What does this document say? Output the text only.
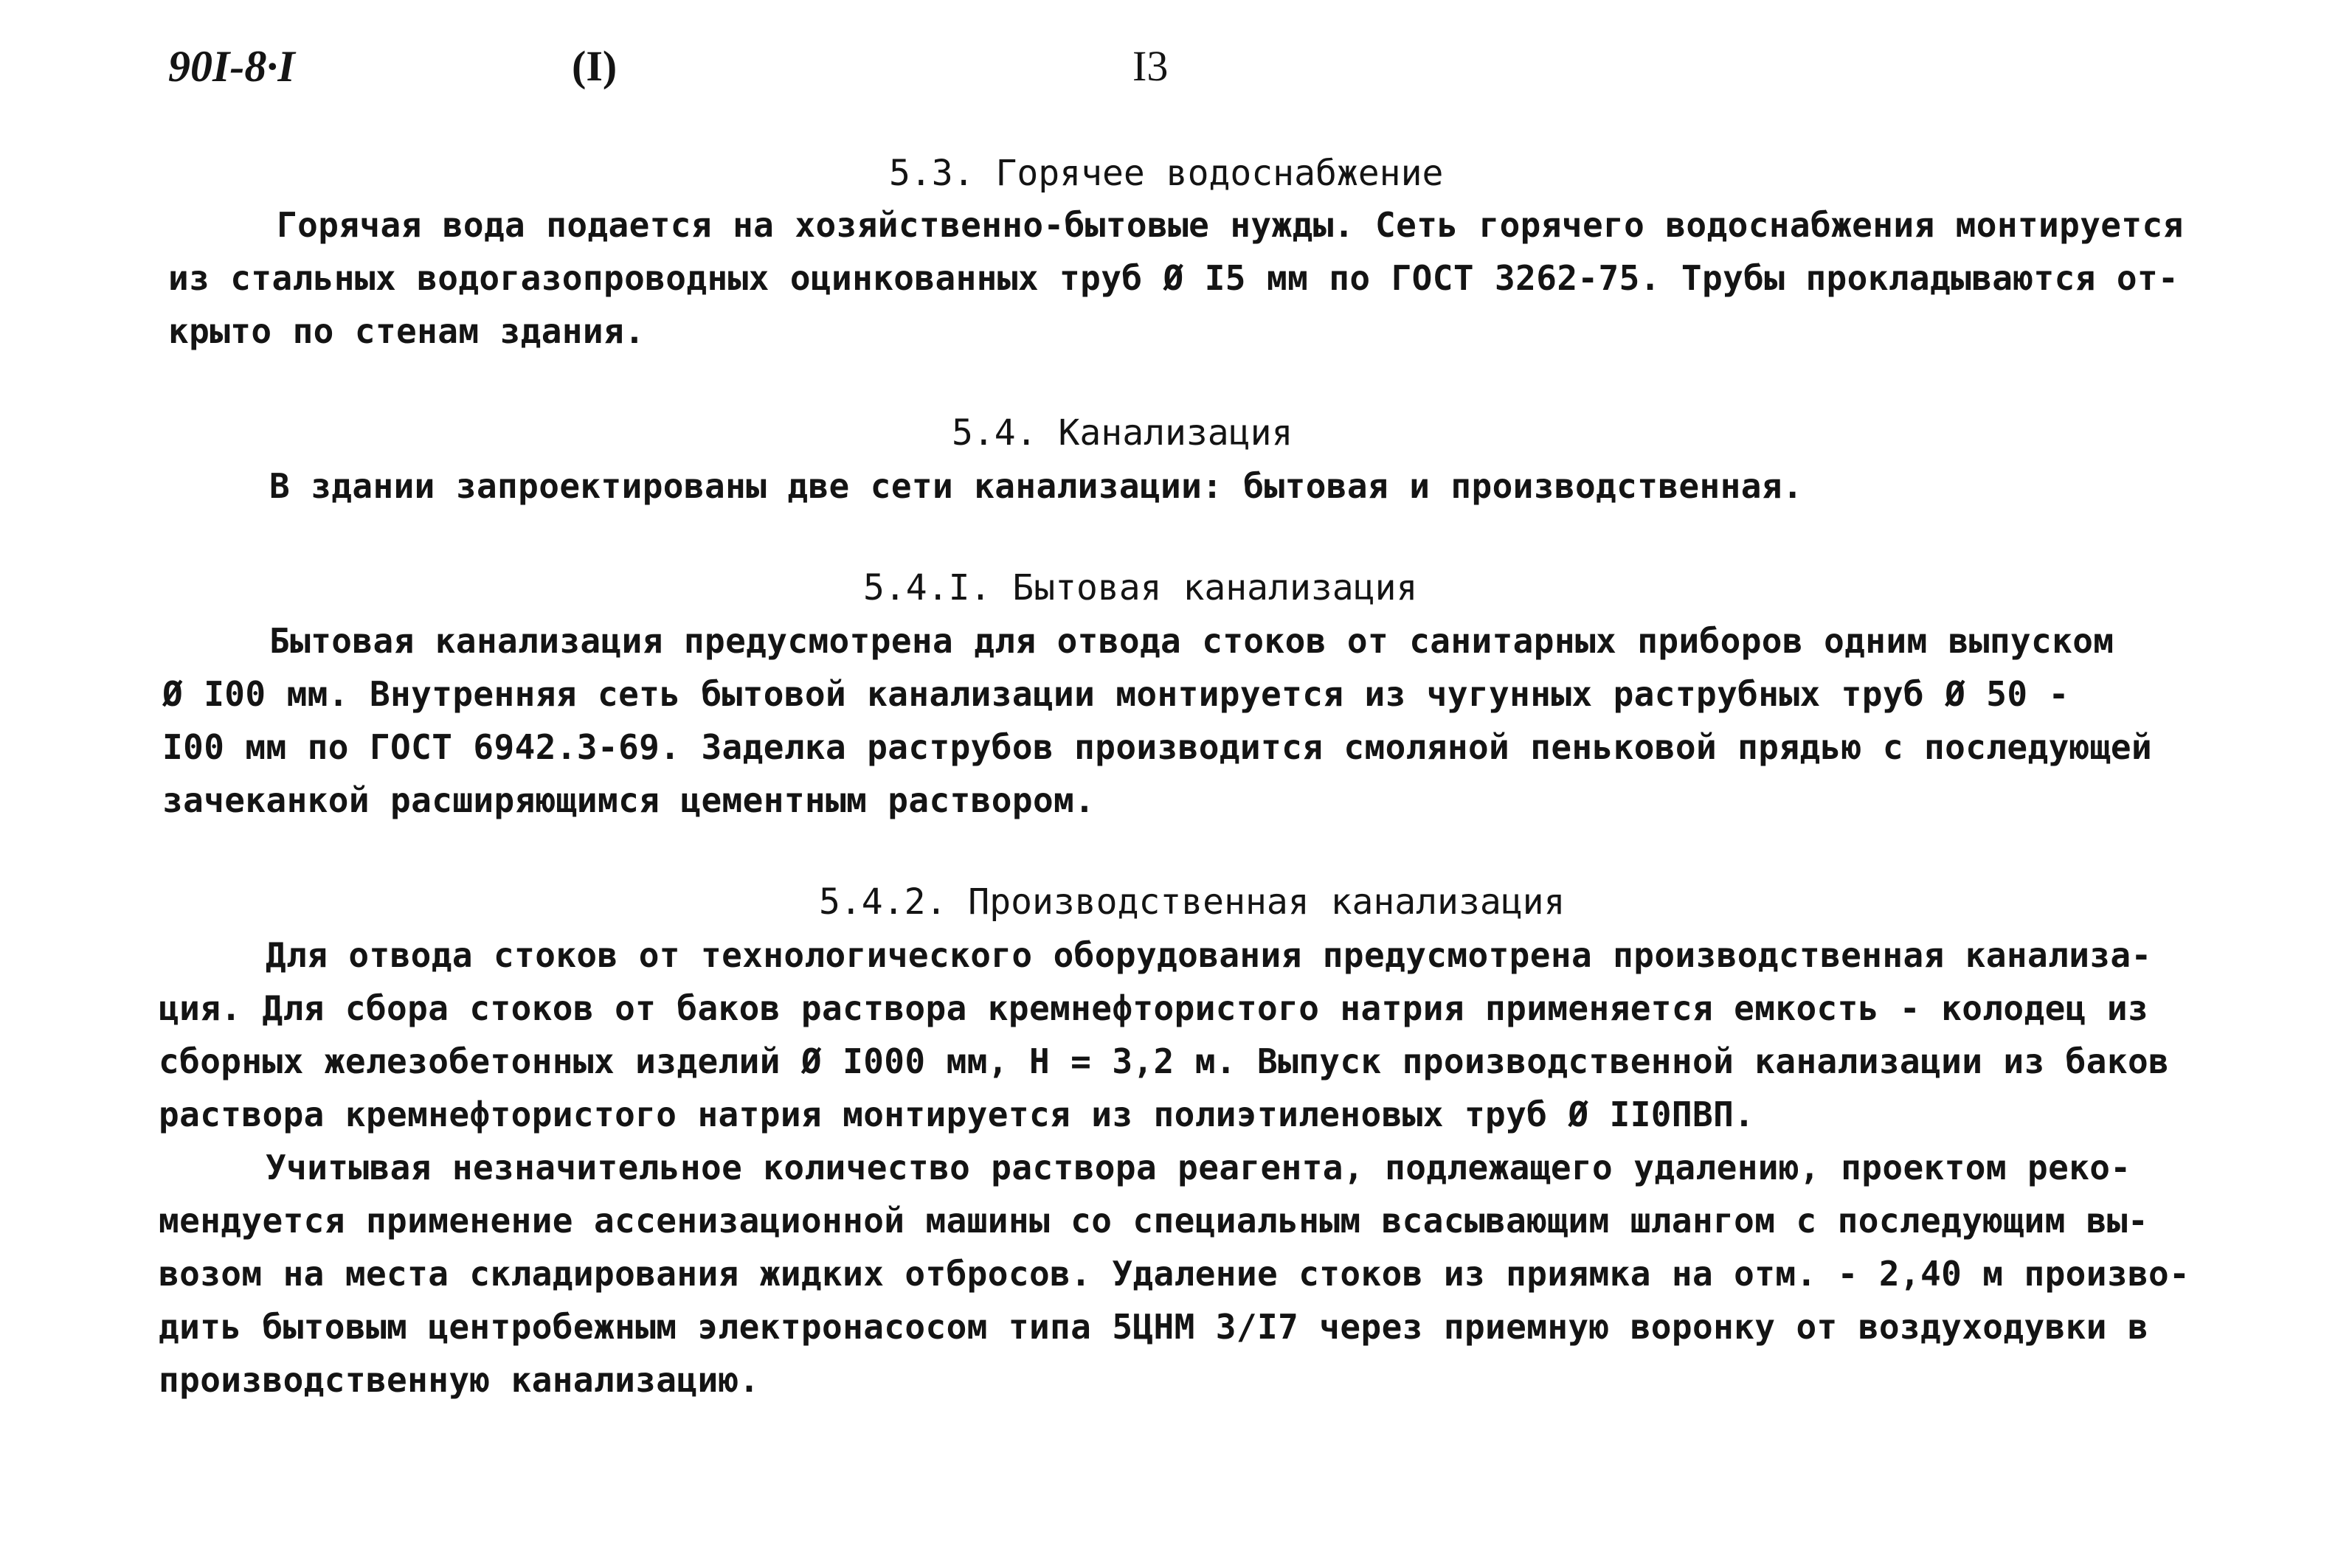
90I-8·I	(I)	I3
5.3. Горячее водоснабжение
Горячая вода подается на хозяйственно-бытовые нужды. Сеть горячего водоснабжения монтируется
из стальных водогазопроводных оцинкованных труб Ø I5 мм по ГОСТ 3262-75. Трубы прокладываются от-
крыто по стенам здания.
5.4. Канализация
В здании запроектированы две сети канализации: бытовая и производственная.
5.4.I. Бытовая канализация
Бытовая канализация предусмотрена для отвода стоков от санитарных приборов одним выпуском
Ø I00 мм. Внутренняя сеть бытовой канализации монтируется из чугунных раструбных труб Ø 50 -
I00 мм по ГОСТ 6942.3-69. Заделка раструбов производится смоляной пеньковой прядью с последующей
зачеканкой расширяющимся цементным раствором.
5.4.2. Производственная канализация
Для отвода стоков от технологического оборудования предусмотрена производственная канализа-
ция. Для сбора стоков от баков раствора кремнефтористого натрия применяется емкость - колодец из
сборных железобетонных изделий Ø I000 мм, Н = 3,2 м. Выпуск производственной канализации из баков
раствора кремнефтористого натрия монтируется из полиэтиленовых труб Ø II0ПВП.
Учитывая незначительное количество раствора реагента, подлежащего удалению, проектом реко-
мендуется применение ассенизационной машины со специальным всасывающим шлангом с последующим вы-
возом на места складирования жидких отбросов. Удаление стоков из приямка на отм. - 2,40 м произво-
дить бытовым центробежным электронасосом типа 5ЦНМ 3/I7 через приемную воронку от воздуходувки в
производственную канализацию.
